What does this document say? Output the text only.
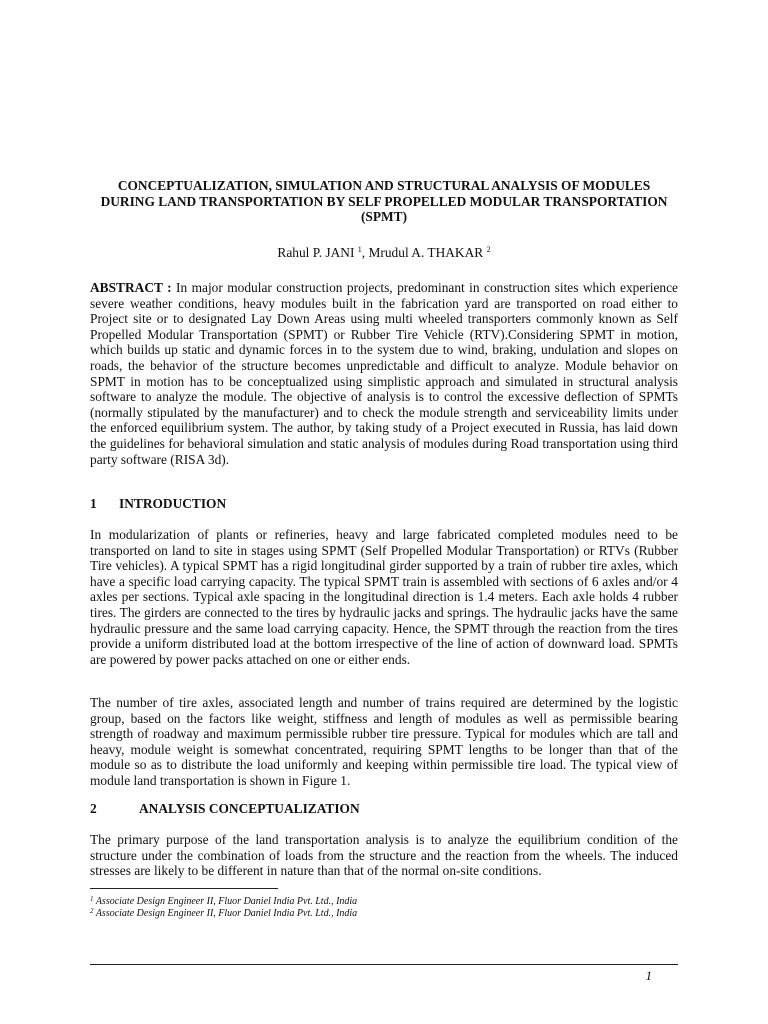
CONCEPTUALIZATION, SIMULATION AND STRUCTURAL ANALYSIS OF MODULES DURING LAND TRANSPORTATION BY SELF PROPELLED MODULAR TRANSPORTATION (SPMT)
Rahul P. JANI $^1$, Mrudul A. THAKAR $^2$

ABSTRACT : In major modular construction projects, predominant in construction sites which experience severe weather conditions, heavy modules built in the fabrication yard are transported on road either to Project site or to designated Lay Down Areas using multi wheeled transporters commonly known as Self Propelled Modular Transportation (SPMT) or Rubber Tire Vehicle (RTV).Considering SPMT in motion, which builds up static and dynamic forces in to the system due to wind, braking, undulation and slopes on roads, the behavior of the structure becomes unpredictable and difficult to analyze. Module behavior on SPMT in motion has to be conceptualized using simplistic approach and simulated in structural analysis software to analyze the module. The objective of analysis is to control the excessive deflection of SPMTs (normally stipulated by the manufacturer) and to check the module strength and serviceability limits under the enforced equilibrium system. The author, by taking study of a Project executed in Russia, has laid down the guidelines for behavioral simulation and static analysis of modules during Road transportation using third party software (RISA 3d).

1 INTRODUCTION

In modularization of plants or refineries, heavy and large fabricated completed modules need to be transported on land to site in stages using SPMT (Self Propelled Modular Transportation) or RTVs (Rubber Tire vehicles). A typical SPMT has a rigid longitudinal girder supported by a train of rubber tire axles, which have a specific load carrying capacity. The typical SPMT train is assembled with sections of 6 axles and/or 4 axles per sections. Typical axle spacing in the longitudinal direction is 1.4 meters. Each axle holds 4 rubber tires. The girders are connected to the tires by hydraulic jacks and springs. The hydraulic jacks have the same hydraulic pressure and the same load carrying capacity. Hence, the SPMT through the reaction from the tires provide a uniform distributed load at the bottom irrespective of the line of action of downward load. SPMTs are powered by power packs attached on one or either ends.

The number of tire axles, associated length and number of trains required are determined by the logistic group, based on the factors like weight, stiffness and length of modules as well as permissible bearing strength of roadway and maximum permissible rubber tire pressure. Typical for modules which are tall and heavy, module weight is somewhat concentrated, requiring SPMT lengths to be longer than that of the module so as to distribute the load uniformly and keeping within permissible tire load. The typical view of module land transportation is shown in Figure 1.

2	ANALYSIS CONCEPTUALIZATION

The primary purpose of the land transportation analysis is to analyze the equilibrium condition of the structure under the combination of loads from the structure and the reaction from the wheels. The induced stresses are likely to be different in nature than that of the normal on-site conditions.

$^1$ Associate Design Engineer II, Fluor Daniel India Pvt. Ltd., India
$^2$ Associate Design Engineer II, Fluor Daniel India Pvt. Ltd., India
1
